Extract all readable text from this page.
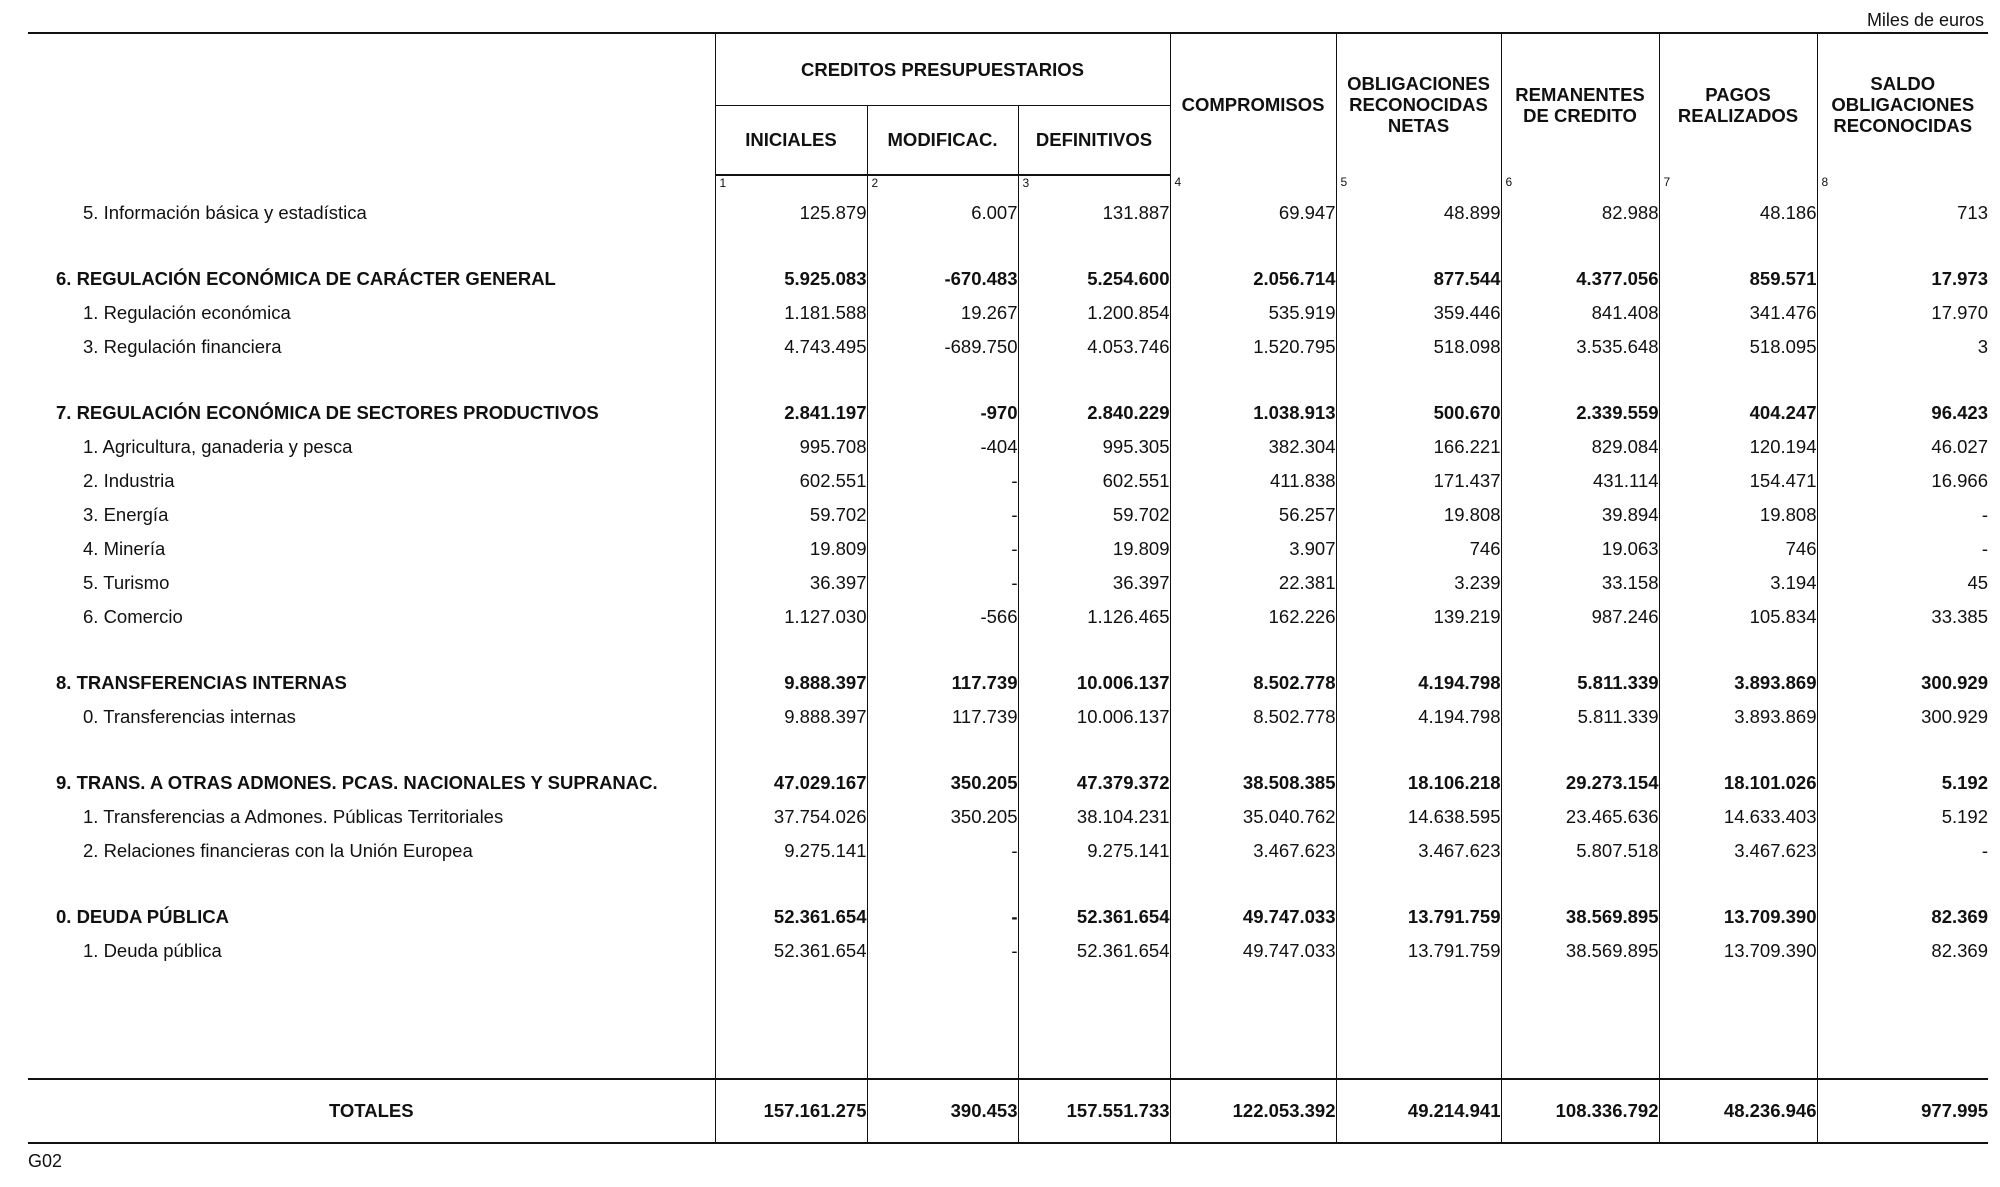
Miles de euros
	CREDITOS PRESUPUESTARIOS			COMPROMISOS	OBLIGACIONES RECONOCIDAS NETAS	REMANENTES DE CREDITO	PAGOS REALIZADOS	SALDO OBLIGACIONES RECONOCIDAS
	INICIALES	MODIFICAC.	DEFINITIVOS					
	1	2	3	4	5	6	7	8
5. Información básica y estadística	125.879	6.007	131.887	69.947	48.899	82.988	48.186	713

6. REGULACIÓN ECONÓMICA DE CARÁCTER GENERAL	5.925.083	-670.483	5.254.600	2.056.714	877.544	4.377.056	859.571	17.973
1. Regulación económica	1.181.588	19.267	1.200.854	535.919	359.446	841.408	341.476	17.970
3. Regulación financiera	4.743.495	-689.750	4.053.746	1.520.795	518.098	3.535.648	518.095	3

7. REGULACIÓN ECONÓMICA DE SECTORES PRODUCTIVOS	2.841.197	-970	2.840.229	1.038.913	500.670	2.339.559	404.247	96.423
1. Agricultura, ganaderia y pesca	995.708	-404	995.305	382.304	166.221	829.084	120.194	46.027
2. Industria	602.551	-	602.551	411.838	171.437	431.114	154.471	16.966
3. Energía	59.702	-	59.702	56.257	19.808	39.894	19.808	-
4. Minería	19.809	-	19.809	3.907	746	19.063	746	-
5. Turismo	36.397	-	36.397	22.381	3.239	33.158	3.194	45
6. Comercio	1.127.030	-566	1.126.465	162.226	139.219	987.246	105.834	33.385

8. TRANSFERENCIAS INTERNAS	9.888.397	117.739	10.006.137	8.502.778	4.194.798	5.811.339	3.893.869	300.929
0. Transferencias internas	9.888.397	117.739	10.006.137	8.502.778	4.194.798	5.811.339	3.893.869	300.929

9. TRANS. A OTRAS ADMONES. PCAS. NACIONALES Y SUPRANAC.	47.029.167	350.205	47.379.372	38.508.385	18.106.218	29.273.154	18.101.026	5.192
1. Transferencias a Admones. Públicas Territoriales	37.754.026	350.205	38.104.231	35.040.762	14.638.595	23.465.636	14.633.403	5.192
2. Relaciones financieras con la Unión Europea	9.275.141	-	9.275.141	3.467.623	3.467.623	5.807.518	3.467.623	-

0. DEUDA PÚBLICA	52.361.654	-	52.361.654	49.747.033	13.791.759	38.569.895	13.709.390	82.369
1. Deuda pública	52.361.654	-	52.361.654	49.747.033	13.791.759	38.569.895	13.709.390	82.369

TOTALES	157.161.275	390.453	157.551.733	122.053.392	49.214.941	108.336.792	48.236.946	977.995
G02
